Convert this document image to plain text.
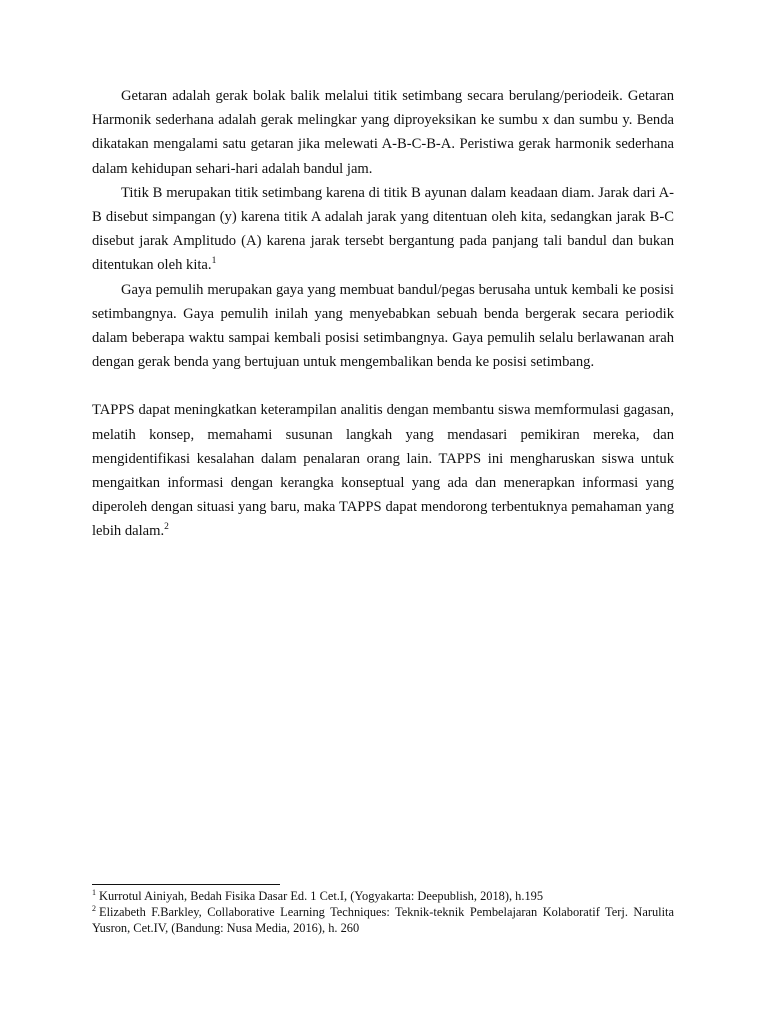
Getaran adalah gerak bolak balik melalui titik setimbang secara berulang/periodeik. Getaran Harmonik sederhana adalah gerak melingkar yang diproyeksikan ke sumbu x dan sumbu y. Benda dikatakan mengalami satu getaran jika melewati A-B-C-B-A. Peristiwa gerak harmonik sederhana dalam kehidupan sehari-hari adalah bandul jam.

Titik B merupakan titik setimbang karena di titik B ayunan dalam keadaan diam. Jarak dari A-B disebut simpangan (y) karena titik A adalah jarak yang ditentuan oleh kita, sedangkan jarak B-C disebut jarak Amplitudo (A) karena jarak tersebt bergantung pada panjang tali bandul dan bukan ditentukan oleh kita.$^1$

Gaya pemulih merupakan gaya yang membuat bandul/pegas berusaha untuk kembali ke posisi setimbangnya. Gaya pemulih inilah yang menyebabkan sebuah benda bergerak secara periodik dalam beberapa waktu sampai kembali posisi setimbangnya. Gaya pemulih selalu berlawanan arah dengan gerak benda yang bertujuan untuk mengembalikan benda ke posisi setimbang.

TAPPS dapat meningkatkan keterampilan analitis dengan membantu siswa memformulasi gagasan, melatih konsep, memahami susunan langkah yang mendasari pemikiran mereka, dan mengidentifikasi kesalahan dalam penalaran orang lain. TAPPS ini mengharuskan siswa untuk mengaitkan informasi dengan kerangka konseptual yang ada dan menerapkan informasi yang diperoleh dengan situasi yang baru, maka TAPPS dapat mendorong terbentuknya pemahaman yang lebih dalam.$^2$

$^1$ Kurrotul Ainiyah, Bedah Fisika Dasar Ed. 1 Cet.I, (Yogyakarta: Deepublish, 2018), h.195

$^2$ Elizabeth F.Barkley, Collaborative Learning Techniques: Teknik-teknik Pembelajaran Kolaboratif Terj. Narulita Yusron, Cet.IV, (Bandung: Nusa Media, 2016), h. 260
